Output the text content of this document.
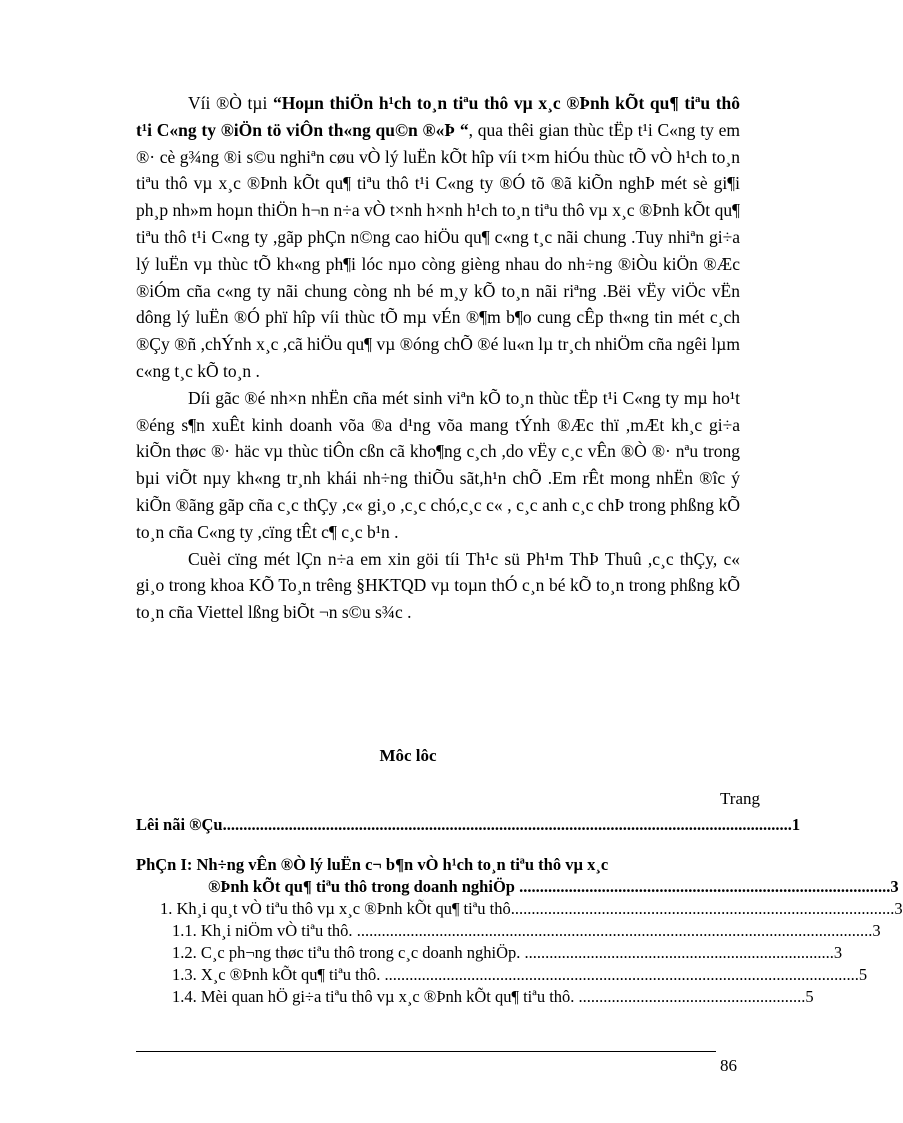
Víi ®Ò tµi “Hoµn thiÖn h¹ch to¸n tiªu thô vµ x¸c ®Þnh kÕt qu¶ tiªu thô t¹i C«ng ty ®iÖn tö viÔn th«ng qu©n ®«Þ “, qua thêi gian thùc tËp t¹i C«ng ty em ®· cè g¾ng ®i s©u nghiªn cøu vÒ lý luËn kÕt hîp víi t×m hiÓu thùc tÕ vÒ h¹ch to¸n tiªu thô vµ x¸c ®Þnh kÕt qu¶ tiªu thô t¹i C«ng ty ®Ó tõ ®ã kiÕn nghÞ mét sè gi¶i ph¸p nh»m hoµn thiÖn h¬n n÷a vÒ t×nh h×nh h¹ch to¸n tiªu thô vµ x¸c ®Þnh kÕt qu¶ tiªu thô t¹i C«ng ty ,gãp phÇn n©ng cao hiÖu qu¶ c«ng t¸c nãi chung .Tuy nhiªn gi÷a lý luËn vµ thùc tÕ kh«ng ph¶i lóc nµo còng gièng nhau do nh÷ng ®iÒu kiÖn ®Æc ®iÓm cña c«ng ty nãi chung còng nh bé m¸y kÕ to¸n nãi riªng .Bëi vËy viÖc vËn dông lý luËn ®Ó phï hîp víi thùc tÕ mµ vÉn ®¶m b¶o cung cÊp th«ng tin mét c¸ch ®Çy ®ñ ,chÝnh x¸c ,cã hiÖu qu¶ vµ ®óng chÕ ®é lu«n lµ tr¸ch nhiÖm cña ngêi lµm c«ng t¸c kÕ to¸n .

Díi gãc ®é nh×n nhËn cña mét sinh viªn kÕ to¸n thùc tËp t¹i C«ng ty mµ ho¹t ®éng s¶n xuÊt kinh doanh võa ®a d¹ng võa mang tÝnh ®Æc thï ,mÆt kh¸c gi÷a kiÕn thøc ®· häc vµ thùc tiÔn cßn cã kho¶ng c¸ch ,do vËy c¸c vÊn ®Ò ®· nªu trong bµi viÕt nµy kh«ng tr¸nh khái nh÷ng thiÕu sãt,h¹n chÕ .Em rÊt mong nhËn ®îc ý kiÕn ®ãng gãp cña c¸c thÇy ,c« gi¸o ,c¸c chó,c¸c c« , c¸c anh c¸c chÞ trong phßng kÕ to¸n cña C«ng ty ,cïng tÊt c¶ c¸c b¹n .

Cuèi cïng mét lÇn n÷a em xin göi tíi Th¹c sü Ph¹m ThÞ Thuû ,c¸c thÇy, c« gi¸o trong khoa KÕ To¸n trêng §HKTQD vµ toµn thÓ c¸n bé kÕ to¸n trong phßng kÕ to¸n cña Viettel lßng biÕt ¬n s©u s¾c .

Môc lôc
Trang
Lêi nãi ®Çu .......................................................................................................................................... 1
PhÇn I: Nh÷ng vÊn ®Ò lý luËn c¬ b¶n vÒ h¹ch to¸n tiªu thô vµ x¸c
®Þnh kÕt qu¶ tiªu thô trong doanh nghiÖp .......................................................................................... 3
1. Kh¸i qu¸t vÒ tiªu thô vµ x¸c ®Þnh kÕt qu¶ tiªu thô. ............................................................................................ 3
1.1. Kh¸i niÖm vÒ tiªu thô. ............................................................................................................................. 3
1.2. C¸c ph¬ng thøc tiªu thô trong c¸c doanh nghiÖp. ........................................................................... 3
1.3. X¸c ®Þnh kÕt qu¶ tiªu thô. ................................................................................................................... 5
1.4. Mèi quan hÖ gi÷a tiªu thô vµ x¸c ®Þnh kÕt qu¶ tiªu thô. ....................................................... 5
86
